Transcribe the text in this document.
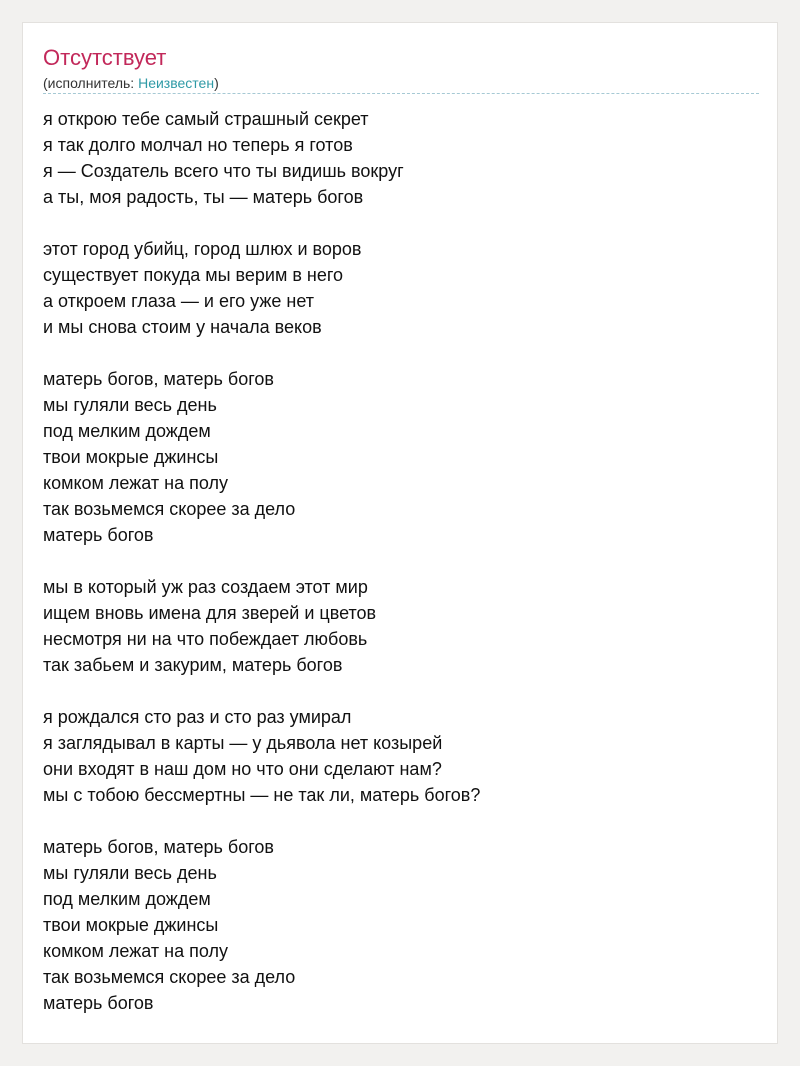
Отсутствует
(исполнитель: Неизвестен)
я открою тебе самый страшный секрет
я так долго молчал но теперь я готов
я — Создатель всего что ты видишь вокруг
а ты, моя радость, ты — матерь богов
этот город убийц, город шлюх и воров
существует покуда мы верим в него
а откроем глаза — и его уже нет
и мы снова стоим у начала веков
матерь богов, матерь богов
мы гуляли весь день
под мелким дождем
твои мокрые джинсы
комком лежат на полу
так возьмемся скорее за дело
матерь богов
мы в который уж раз создаем этот мир
ищем вновь имена для зверей и цветов
несмотря ни на что побеждает любовь
так забьем и закурим, матерь богов
я рождался сто раз и сто раз умирал
я заглядывал в карты — у дьявола нет козырей
они входят в наш дом но что они сделают нам?
мы с тобою бессмертны — не так ли, матерь богов?
матерь богов, матерь богов
мы гуляли весь день
под мелким дождем
твои мокрые джинсы
комком лежат на полу
так возьмемся скорее за дело
матерь богов
